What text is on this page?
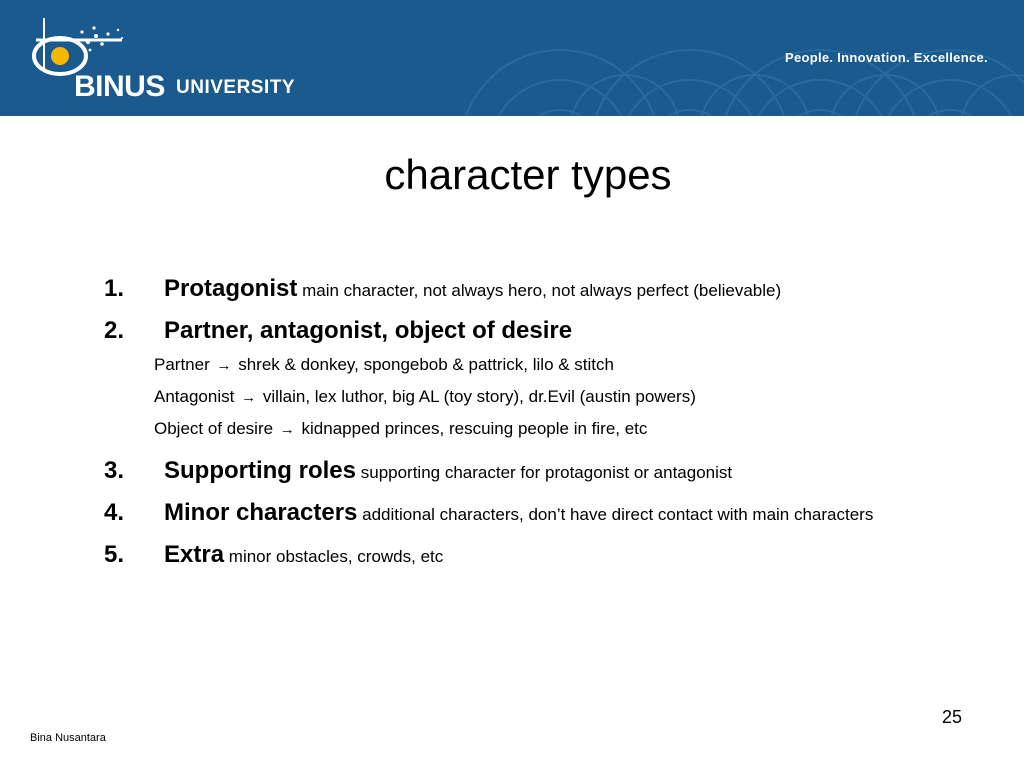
BINUS UNIVERSITY
People. Innovation. Excellence.
character types
1. Protagonist main character, not always hero, not always perfect (believable)
2. Partner, antagonist, object of desire
Partner → shrek & donkey, spongebob & pattrick, lilo & stitch
Antagonist → villain, lex luthor, big AL (toy story), dr.Evil (austin powers)
Object of desire → kidnapped princes, rescuing people in fire, etc
3. Supporting roles supporting character for protagonist or antagonist
4. Minor characters additional characters, don’t have direct contact with main characters
5. Extra minor obstacles, crowds, etc
25
Bina Nusantara
